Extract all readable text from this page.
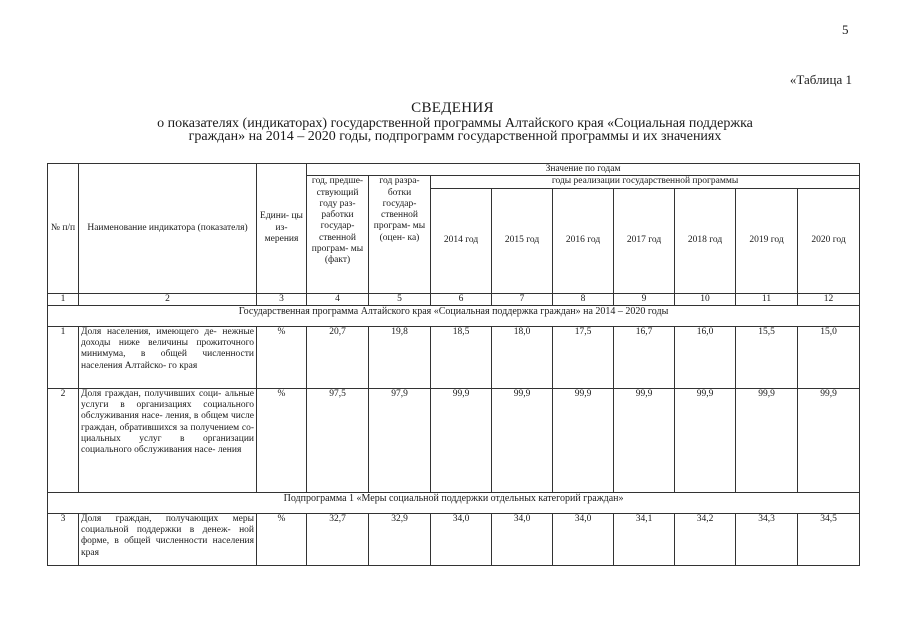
5
«Таблица 1
СВЕДЕНИЯ
о показателях (индикаторах) государственной программы Алтайского края «Социальная поддержка
граждан» на 2014 – 2020 годы, подпрограмм государственной программы и их значениях
№ п/п	Наименование индикатора (показателя)	Едини- цы из- мерения	Значение по годам								
			год, предше- ствующий году раз- работки государ- ственной програм- мы (факт)	год разра- ботки государ- ственной програм- мы (оцен- ка)	годы реализации государственной программы						
					2014 год	2015 год	2016 год	2017 год	2018 год	2019 год	2020 год
1	2	3	4	5	6	7	8	9	10	11	12
Государственная программа Алтайского края «Социальная поддержка граждан» на 2014 – 2020 годы											
1	Доля населения, имеющего де- нежные доходы ниже величины прожиточного минимума, в общей численности населения Алтайско- го края	%	20,7	19,8	18,5	18,0	17,5	16,7	16,0	15,5	15,0
2	Доля граждан, получивших соци- альные услуги в организациях социального обслуживания насе- ления, в общем числе граждан, обратившихся за получением со- циальных услуг в организации социального обслуживания насе- ления	%	97,5	97,9	99,9	99,9	99,9	99,9	99,9	99,9	99,9
Подпрограмма 1 «Меры социальной поддержки отдельных категорий граждан»											
3	Доля граждан, получающих меры социальной поддержки в денеж- ной форме, в общей численности населения края	%	32,7	32,9	34,0	34,0	34,0	34,1	34,2	34,3	34,5
